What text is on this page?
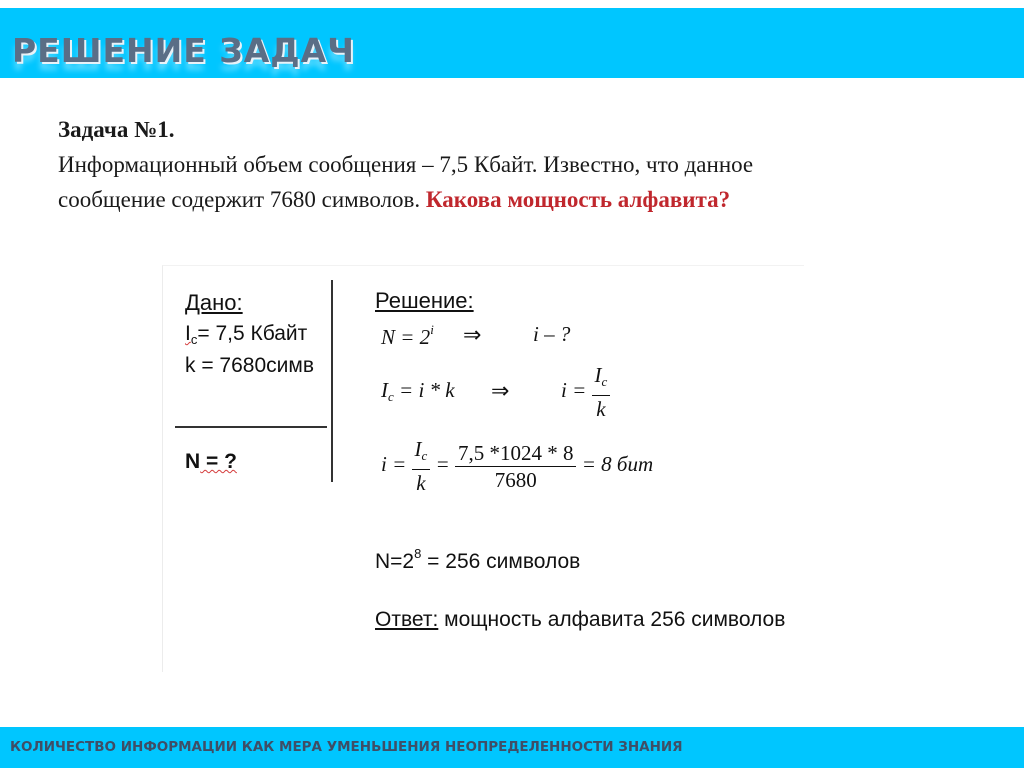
РЕШЕНИЕ ЗАДАЧ
Задача №1.
Информационный объем сообщения – 7,5 Кбайт. Известно, что данное
сообщение содержит 7680 символов. Какова мощность алфавита?
Дано:
$I_c= 7,5$ Кбайт
k = 7680симв
N = ?
Решение:
$N = 2^i$ ⇒ i – ?
$I_c = i * k$ ⇒ $i = \frac{I_c}{k}$
$i = \frac{I_c}{k} = \frac{7,5 *1024 * 8}{7680} = 8$ бит
$N=2^8 = 256$ символов
Ответ: мощность алфавита 256 символов
КОЛИЧЕСТВО ИНФОРМАЦИИ КАК МЕРА УМЕНЬШЕНИЯ НЕОПРЕДЕЛЕННОСТИ ЗНАНИЯ
